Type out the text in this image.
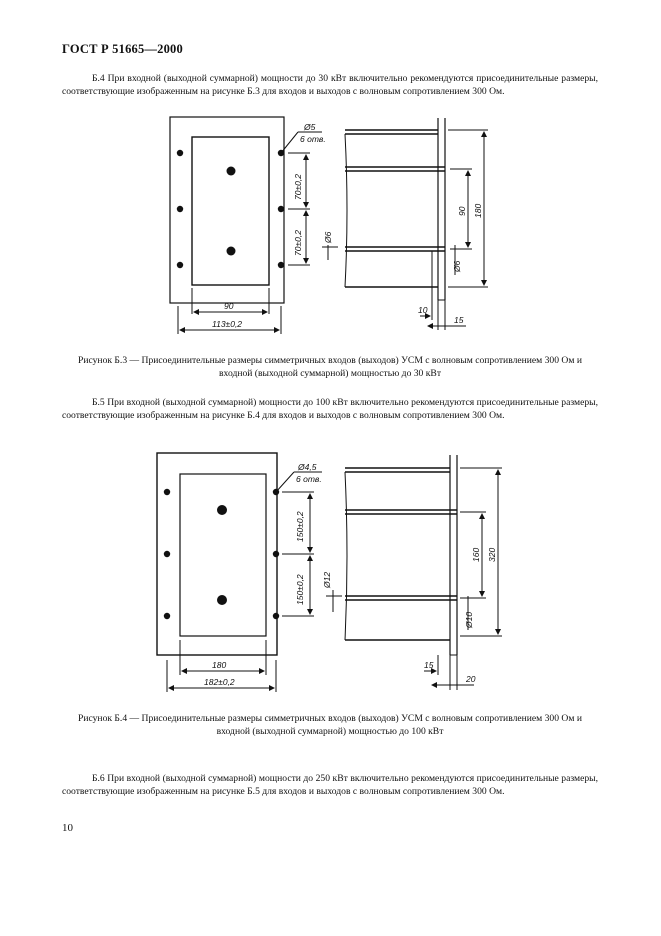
ГОСТ Р 51665—2000

Б.4 При входной (выходной суммарной) мощности до 30 кВт включительно рекомендуются присоединительные размеры, соответствующие изображенным на рисунке Б.3 для входов и выходов с волновым сопротивлением 300 Ом.

Ø5
6 отв.
70±0,2
70±0,2
90
113±0,2
Ø6
90 180
Ø6
10
15

Рисунок Б.3 — Присоединительные размеры симметричных входов (выходов) УСМ с волновым сопротивлением 300 Ом и входной (выходной суммарной) мощностью до 30 кВт

Б.5 При входной (выходной суммарной) мощности до 100 кВт включительно рекомендуются присоединительные размеры, соответствующие изображенным на рисунке Б.4 для входов и выходов с волновым сопротивлением 300 Ом.

Ø4,5
6 отв.
150±0,2
150±0,2
180
182±0,2
Ø12
160 320
Ø10
15
20

Рисунок Б.4 — Присоединительные размеры симметричных входов (выходов) УСМ с волновым сопротивлением 300 Ом и входной (выходной суммарной) мощностью до 100 кВт

Б.6 При входной (выходной суммарной) мощности до 250 кВт включительно рекомендуются присоединительные размеры, соответствующие изображенным на рисунке Б.5 для входов и выходов с волновым сопротивлением 300 Ом.

10
